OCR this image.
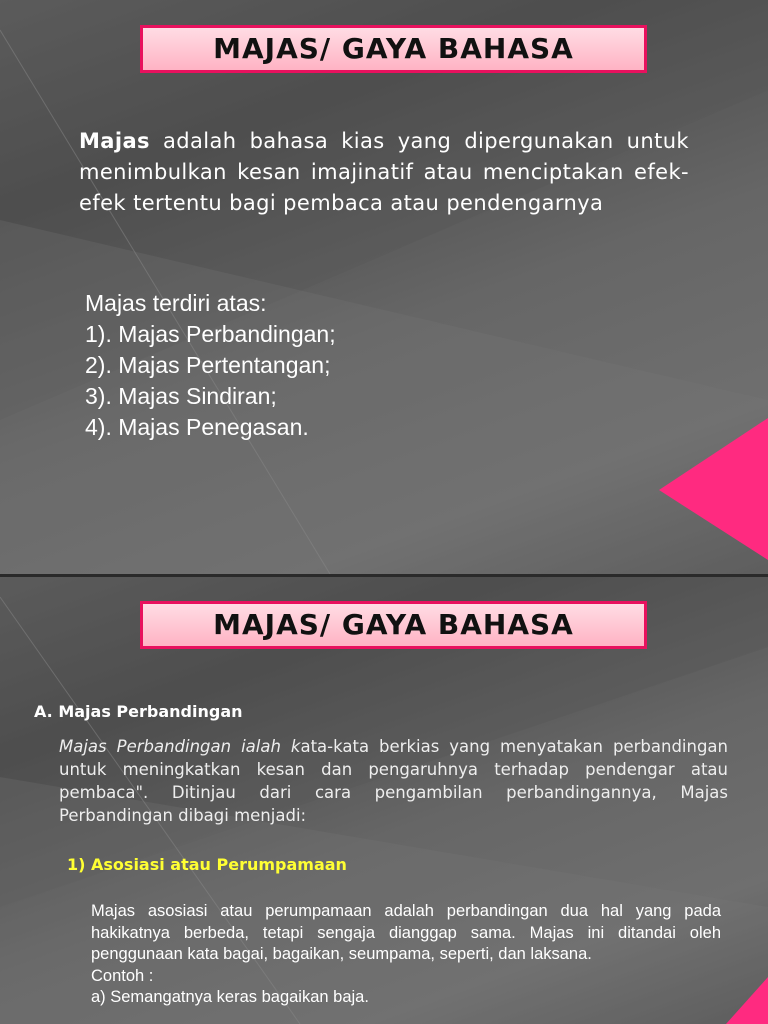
MAJAS/ GAYA BAHASA
Majas adalah bahasa kias yang dipergunakan untuk menimbulkan kesan imajinatif atau menciptakan efek-efek tertentu bagi pembaca atau pendengarnya
Majas terdiri atas:
1). Majas Perbandingan;
2). Majas Pertentangan;
3). Majas Sindiran;
4). Majas Penegasan.
MAJAS/ GAYA BAHASA
A. Majas Perbandingan
Majas Perbandingan ialah kata-kata berkias yang menyatakan perbandingan untuk meningkatkan kesan dan pengaruhnya terhadap pendengar atau pembaca". Ditinjau dari cara pengambilan perbandingannya, Majas Perbandingan dibagi menjadi:
1) Asosiasi atau Perumpamaan
Majas asosiasi atau perumpamaan adalah perbandingan dua hal yang pada hakikatnya berbeda, tetapi sengaja dianggap sama. Majas ini ditandai oleh penggunaan kata bagai, bagaikan, seumpama, seperti, dan laksana.
Contoh :
a) Semangatnya keras bagaikan baja.
